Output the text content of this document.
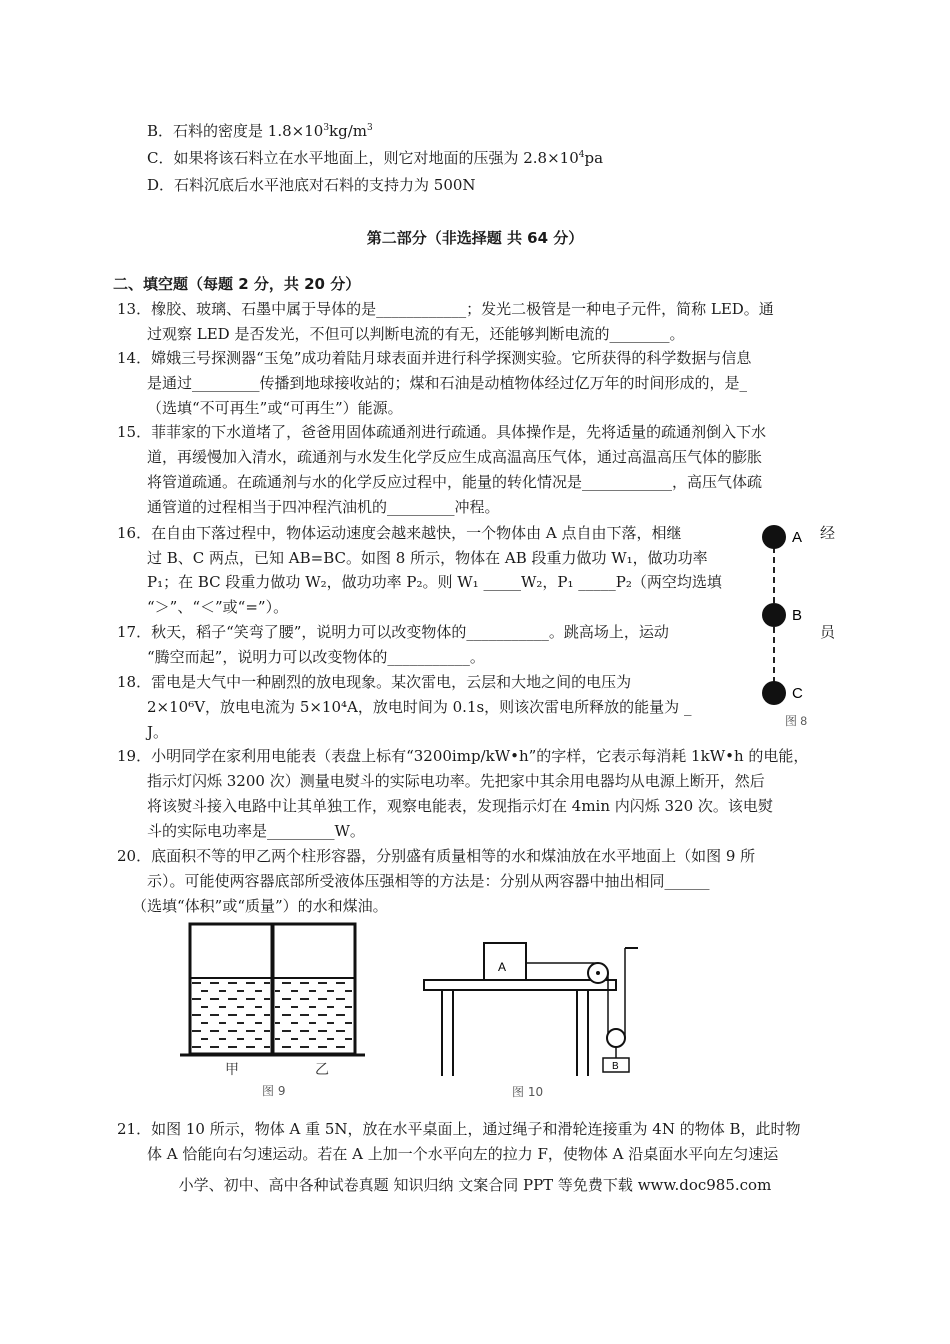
B．石料的密度是 $1.8\times 10^3kg/m^3$
C．如果将该石料立在水平地面上，则它对地面的压强为 $2.8\times 10^4pa$
D．石料沉底后水平池底对石料的支持力为 500N
第二部分（非选择题 共 64 分）
二、填空题（每题 2 分，共 20 分）
13．橡胶、玻璃、石墨中属于导体的是____________；发光二极管是一种电子元件，简称 LED。通
过观察 LED 是否发光，不但可以判断电流的有无，还能够判断电流的________。
14．嫦娥三号探测器“玉兔”成功着陆月球表面并进行科学探测实验。它所获得的科学数据与信息
是通过_________传播到地球接收站的；煤和石油是动植物体经过亿万年的时间形成的，是_
（选填“不可再生”或“可再生”）能源。
15．菲菲家的下水道堵了，爸爸用固体疏通剂进行疏通。具体操作是，先将适量的疏通剂倒入下水
道，再缓慢加入清水，疏通剂与水发生化学反应生成高温高压气体，通过高温高压气体的膨胀
将管道疏通。在疏通剂与水的化学反应过程中，能量的转化情况是____________，高压气体疏
通管道的过程相当于四冲程汽油机的_________冲程。
16．在自由下落过程中，物体运动速度会越来越快，一个物体由 A 点自由下落，相继	经
过 B、C 两点，已知 AB=BC。如图 8 所示，物体在 AB 段重力做功 W₁，做功功率
P₁；在 BC 段重力做功 W₂，做功功率 P₂。则 W₁ _____W₂，P₁ _____P₂（两空均选填
“＞”、“＜”或“=”）。
17．秋天，稻子“笑弯了腰”，说明力可以改变物体的___________。跳高场上，运动	员
“腾空而起”，说明力可以改变物体的___________。
18．雷电是大气中一种剧烈的放电现象。某次雷电，云层和大地之间的电压为
2×10⁶V，放电电流为 5×10⁴A，放电时间为 0.1s，则该次雷电所释放的能量为 _
J。
A
B
C
图 8
19．小明同学在家利用电能表（表盘上标有“3200imp/kW•h”的字样，它表示每消耗 1kW•h 的电能，
指示灯闪烁 3200 次）测量电熨斗的实际电功率。先把家中其余用电器均从电源上断开，然后
将该熨斗接入电路中让其单独工作，观察电能表，发现指示灯在 4min 内闪烁 320 次。该电熨
斗的实际电功率是_________W。
20．底面积不等的甲乙两个柱形容器，分别盛有质量相等的水和煤油放在水平地面上（如图 9 所
示）。可能使两容器底部所受液体压强相等的方法是：分别从两容器中抽出相同______
（选填“体积”或“质量”）的水和煤油。
甲	乙
图 9
A
B
图 10
21．如图 10 所示，物体 A 重 5N，放在水平桌面上，通过绳子和滑轮连接重为 4N 的物体 B，此时物
体 A 恰能向右匀速运动。若在 A 上加一个水平向左的拉力 F，使物体 A 沿桌面水平向左匀速运
小学、初中、高中各种试卷真题 知识归纳 文案合同 PPT 等免费下载 www.doc985.com
